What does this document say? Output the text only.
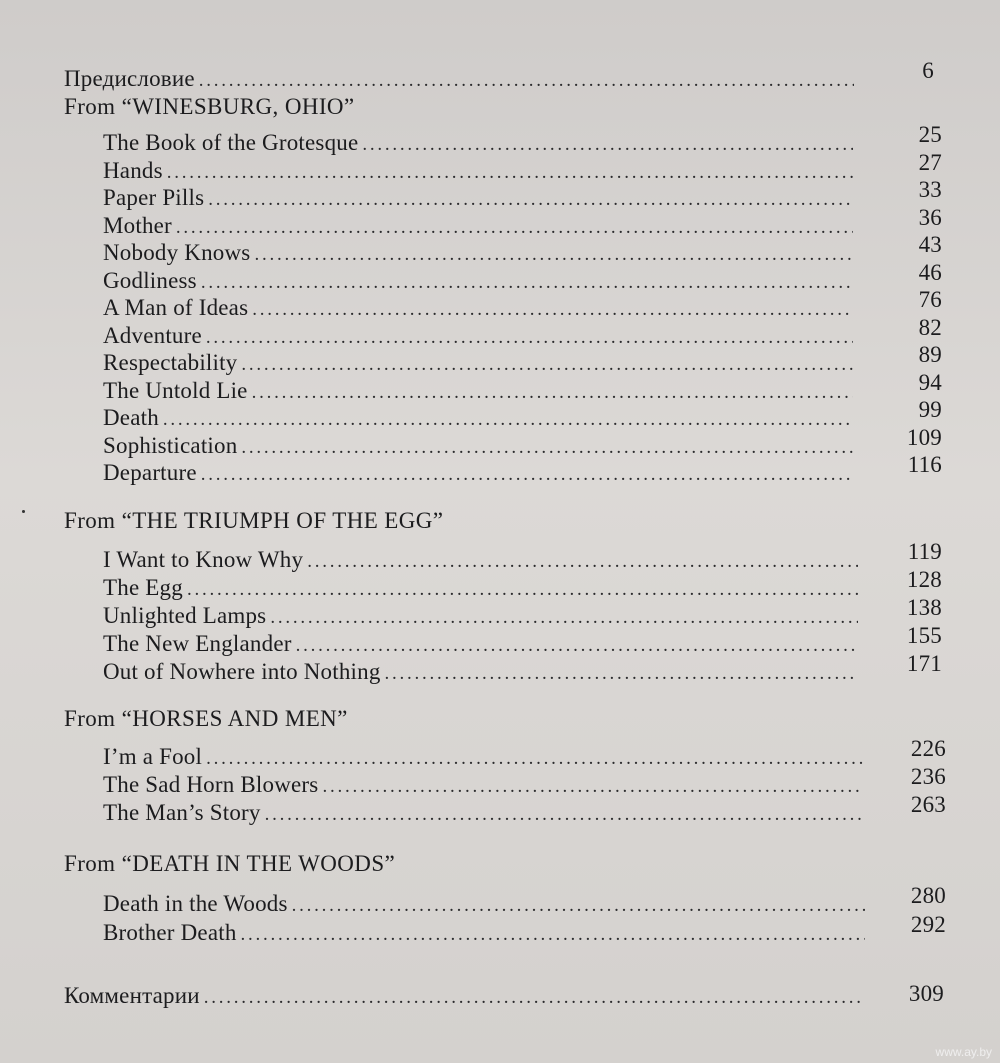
Предисловие . . .	6
From “WINESBURG, OHIO”
The Book of the Grotesque . . .	25
Hands . . .	27
Paper Pills . . .	33
Mother . . .	36
Nobody Knows . . .	43
Godliness . . .	46
A Man of Ideas . . .	76
Adventure . . .	82
Respectability . . .	89
The Untold Lie . . .	94
Death . . .	99
Sophistication . . .	109
Departure . . .	116
From “THE TRIUMPH OF THE EGG”
I Want to Know Why . . .	119
The Egg . . .	128
Unlighted Lamps . . .	138
The New Englander . . .	155
Out of Nowhere into Nothing . . .	171
From “HORSES AND MEN”
I’m a Fool . . .	226
The Sad Horn Blowers . . .	236
The Man’s Story . . .	263
From “DEATH IN THE WOODS”
Death in the Woods . . .	280
Brother Death . . .	292
Комментарии . . .	309
www.ay.by
